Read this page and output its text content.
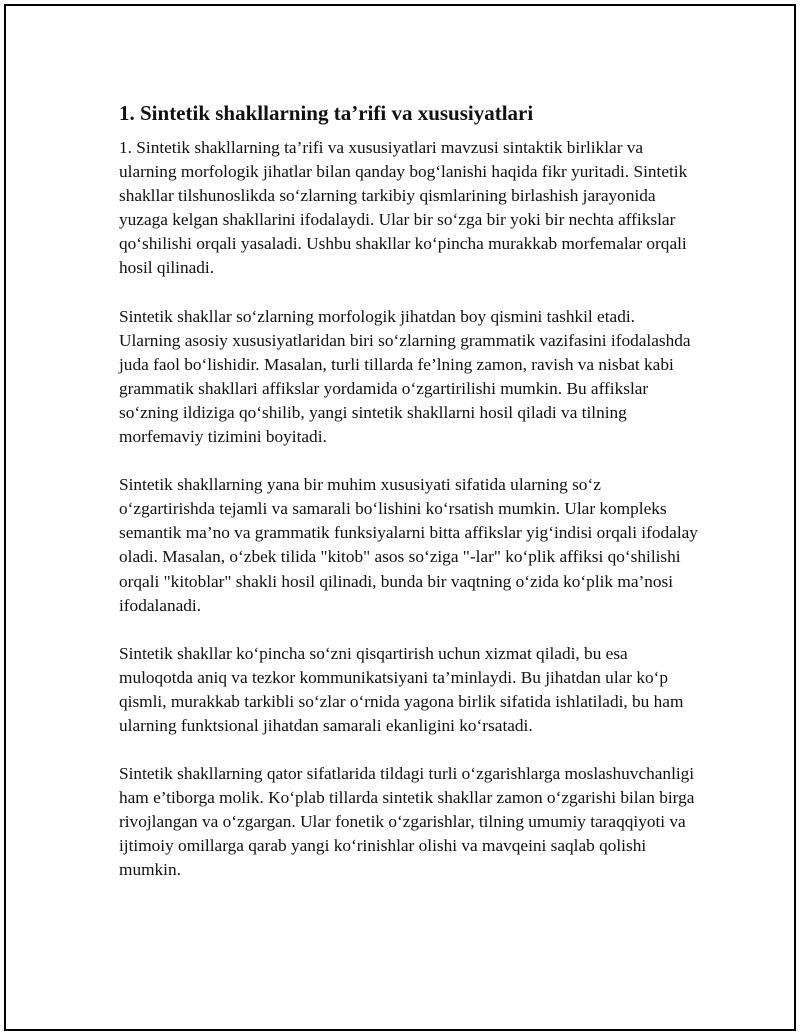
1. Sintetik shakllarning ta’rifi va xususiyatlari

1. Sintetik shakllarning ta’rifi va xususiyatlari mavzusi sintaktik birliklar va ularning morfologik jihatlar bilan qanday bog‘lanishi haqida fikr yuritadi. Sintetik shakllar tilshunoslikda so‘zlarning tarkibiy qismlarining birlashish jarayonida yuzaga kelgan shakllarini ifodalaydi. Ular bir so‘zga bir yoki bir nechta affikslar qo‘shilishi orqali yasaladi. Ushbu shakllar ko‘pincha murakkab morfemalar orqali hosil qilinadi.

Sintetik shakllar so‘zlarning morfologik jihatdan boy qismini tashkil etadi. Ularning asosiy xususiyatlaridan biri so‘zlarning grammatik vazifasini ifodalashda juda faol bo‘lishidir. Masalan, turli tillarda fe’lning zamon, ravish va nisbat kabi grammatik shakllari affikslar yordamida o‘zgartirilishi mumkin. Bu affikslar so‘zning ildiziga qo‘shilib, yangi sintetik shakllarni hosil qiladi va tilning morfemaviy tizimini boyitadi.

Sintetik shakllarning yana bir muhim xususiyati sifatida ularning so‘z o‘zgartirishda tejamli va samarali bo‘lishini ko‘rsatish mumkin. Ular kompleks semantik ma’no va grammatik funksiyalarni bitta affikslar yig‘indisi orqali ifodalay oladi. Masalan, o‘zbek tilida "kitob" asos so‘ziga "-lar" ko‘plik affiksi qo‘shilishi orqali "kitoblar" shakli hosil qilinadi, bunda bir vaqtning o‘zida ko‘plik ma’nosi ifodalanadi.

Sintetik shakllar ko‘pincha so‘zni qisqartirish uchun xizmat qiladi, bu esa muloqotda aniq va tezkor kommunikatsiyani ta’minlaydi. Bu jihatdan ular ko‘p qismli, murakkab tarkibli so‘zlar o‘rnida yagona birlik sifatida ishlatiladi, bu ham ularning funktsional jihatdan samarali ekanligini ko‘rsatadi.

Sintetik shakllarning qator sifatlarida tildagi turli o‘zgarishlarga moslashuvchanligi ham e’tiborga molik. Ko‘plab tillarda sintetik shakllar zamon o‘zgarishi bilan birga rivojlangan va o‘zgargan. Ular fonetik o‘zgarishlar, tilning umumiy taraqqiyoti va ijtimoiy omillarga qarab yangi ko‘rinishlar olishi va mavqeini saqlab qolishi mumkin.
